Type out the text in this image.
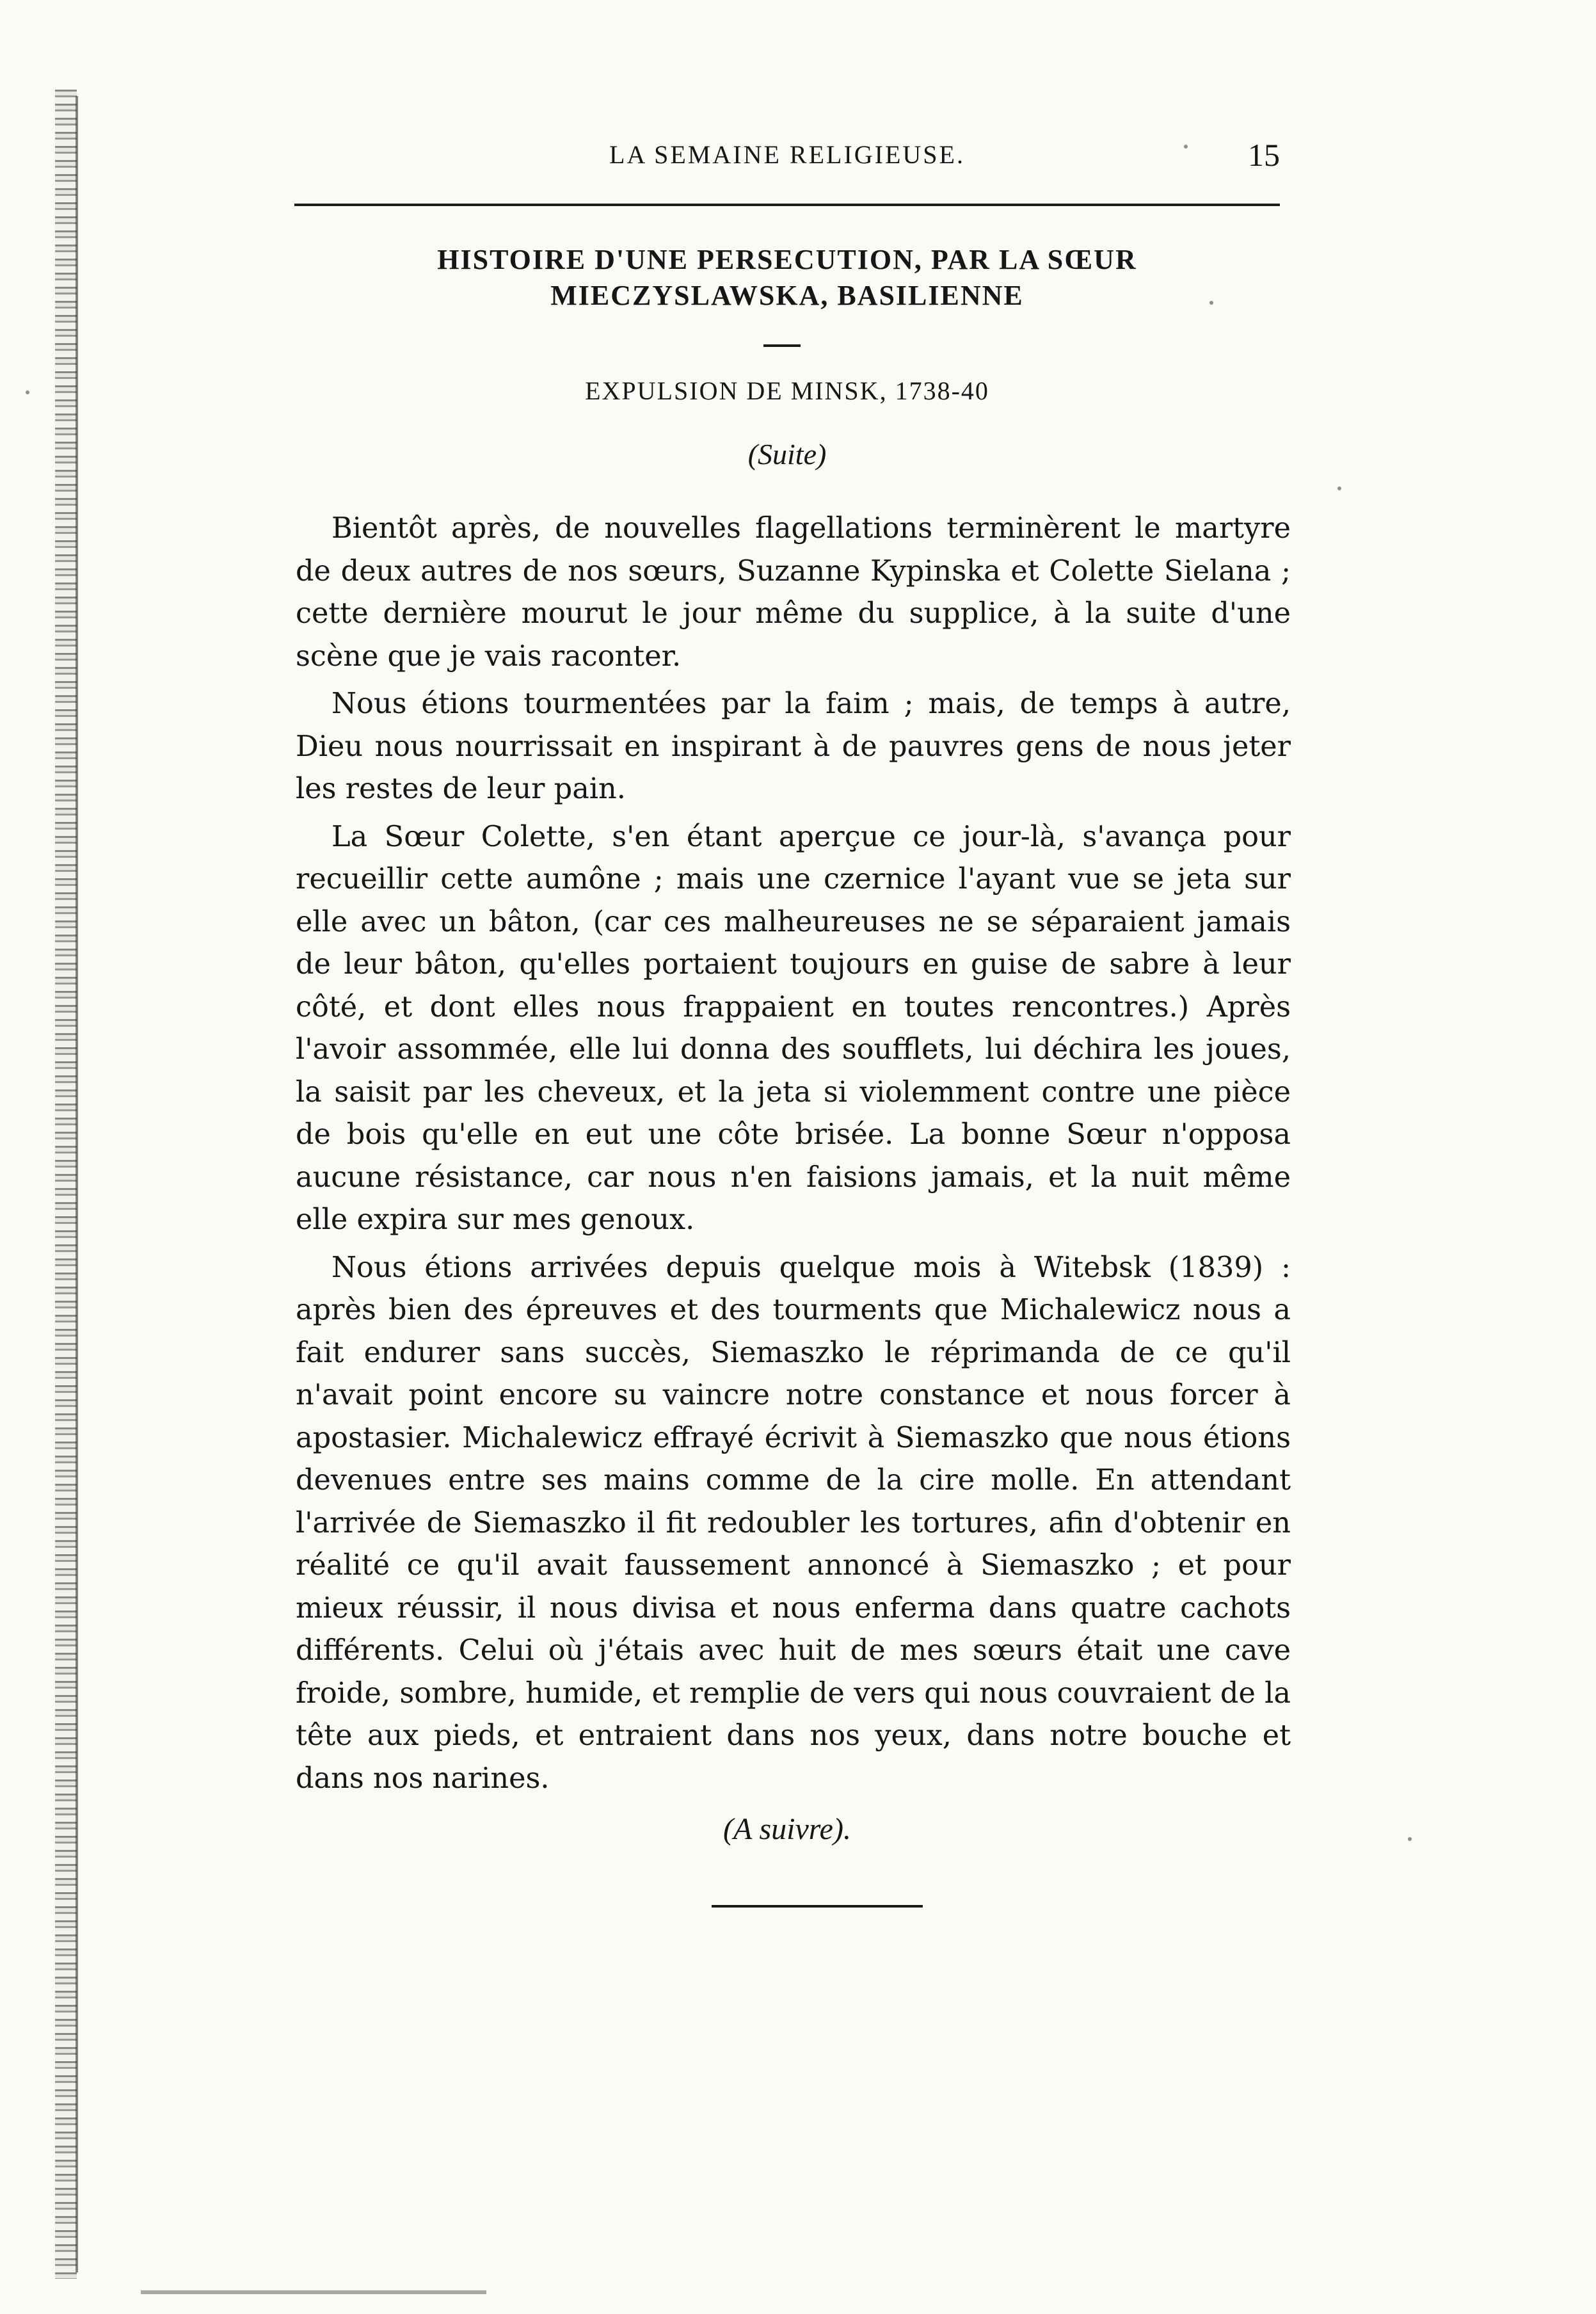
LA SEMAINE RELIGIEUSE.	15
HISTOIRE D'UNE PERSECUTION, PAR LA SŒUR
MIECZYSLAWSKA, BASILIENNE
EXPULSION DE MINSK, 1738-40
(Suite)

Bientôt après, de nouvelles flagellations terminèrent le martyre de deux autres de nos sœurs, Suzanne Kypinska et Colette Sielana ; cette dernière mourut le jour même du supplice, à la suite d'une scène que je vais raconter.

Nous étions tourmentées par la faim ; mais, de temps à autre, Dieu nous nourrissait en inspirant à de pauvres gens de nous jeter les restes de leur pain.

La Sœur Colette, s'en étant aperçue ce jour-là, s'avança pour recueillir cette aumône ; mais une czernice l'ayant vue se jeta sur elle avec un bâton, (car ces malheureuses ne se séparaient jamais de leur bâton, qu'elles portaient toujours en guise de sabre à leur côté, et dont elles nous frappaient en toutes rencontres.) Après l'avoir assommée, elle lui donna des soufflets, lui déchira les joues, la saisit par les cheveux, et la jeta si violemment contre une pièce de bois qu'elle en eut une côte brisée. La bonne Sœur n'opposa aucune résistance, car nous n'en faisions jamais, et la nuit même elle expira sur mes genoux.

Nous étions arrivées depuis quelque mois à Witebsk (1839) : après bien des épreuves et des tourments que Michalewicz nous a fait endurer sans succès, Siemaszko le réprimanda de ce qu'il n'avait point encore su vaincre notre constance et nous forcer à apostasier. Michalewicz effrayé écrivit à Siemaszko que nous étions devenues entre ses mains comme de la cire molle. En attendant l'arrivée de Siemaszko il fit redoubler les tortures, afin d'obtenir en réalité ce qu'il avait faussement annoncé à Siemaszko ; et pour mieux réussir, il nous divisa et nous enferma dans quatre cachots différents. Celui où j'étais avec huit de mes sœurs était une cave froide, sombre, humide, et remplie de vers qui nous couvraient de la tête aux pieds, et entraient dans nos yeux, dans notre bouche et dans nos narines.

(A suivre).
